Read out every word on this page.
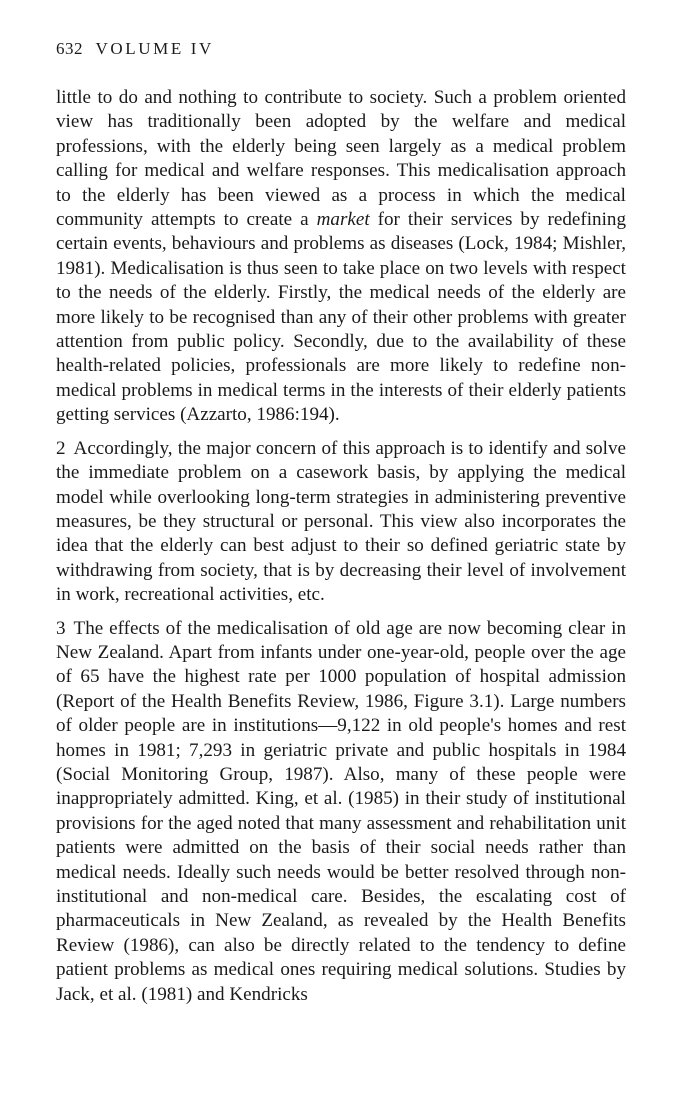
632 VOLUME IV

little to do and nothing to contribute to society. Such a problem oriented view has traditionally been adopted by the welfare and medical professions, with the elderly being seen largely as a medical problem calling for medical and welfare responses. This medicalisation approach to the elderly has been viewed as a process in which the medical community attempts to create a market for their services by redefining certain events, behaviours and problems as diseases (Lock, 1984; Mishler, 1981). Medicalisation is thus seen to take place on two levels with respect to the needs of the elderly. Firstly, the medical needs of the elderly are more likely to be recognised than any of their other problems with greater attention from public policy. Secondly, due to the availability of these health-related policies, professionals are more likely to redefine non-medical problems in medical terms in the interests of their elderly patients getting services (Azzarto, 1986:194).

2 Accordingly, the major concern of this approach is to identify and solve the immediate problem on a casework basis, by applying the medical model while overlooking long-term strategies in administering preventive measures, be they structural or personal. This view also incorporates the idea that the elderly can best adjust to their so defined geriatric state by withdrawing from society, that is by decreasing their level of involvement in work, recreational activities, etc.

3 The effects of the medicalisation of old age are now becoming clear in New Zealand. Apart from infants under one-year-old, people over the age of 65 have the highest rate per 1000 population of hospital admission (Report of the Health Benefits Review, 1986, Figure 3.1). Large numbers of older people are in institutions—9,122 in old people's homes and rest homes in 1981; 7,293 in geriatric private and public hospitals in 1984 (Social Monitoring Group, 1987). Also, many of these people were inappropriately admitted. King, et al. (1985) in their study of institutional provisions for the aged noted that many assessment and rehabilitation unit patients were admitted on the basis of their social needs rather than medical needs. Ideally such needs would be better resolved through non-institutional and non-medical care. Besides, the escalating cost of pharmaceuticals in New Zealand, as revealed by the Health Benefits Review (1986), can also be directly related to the tendency to define patient problems as medical ones requiring medical solutions. Studies by Jack, et al. (1981) and Kendricks
